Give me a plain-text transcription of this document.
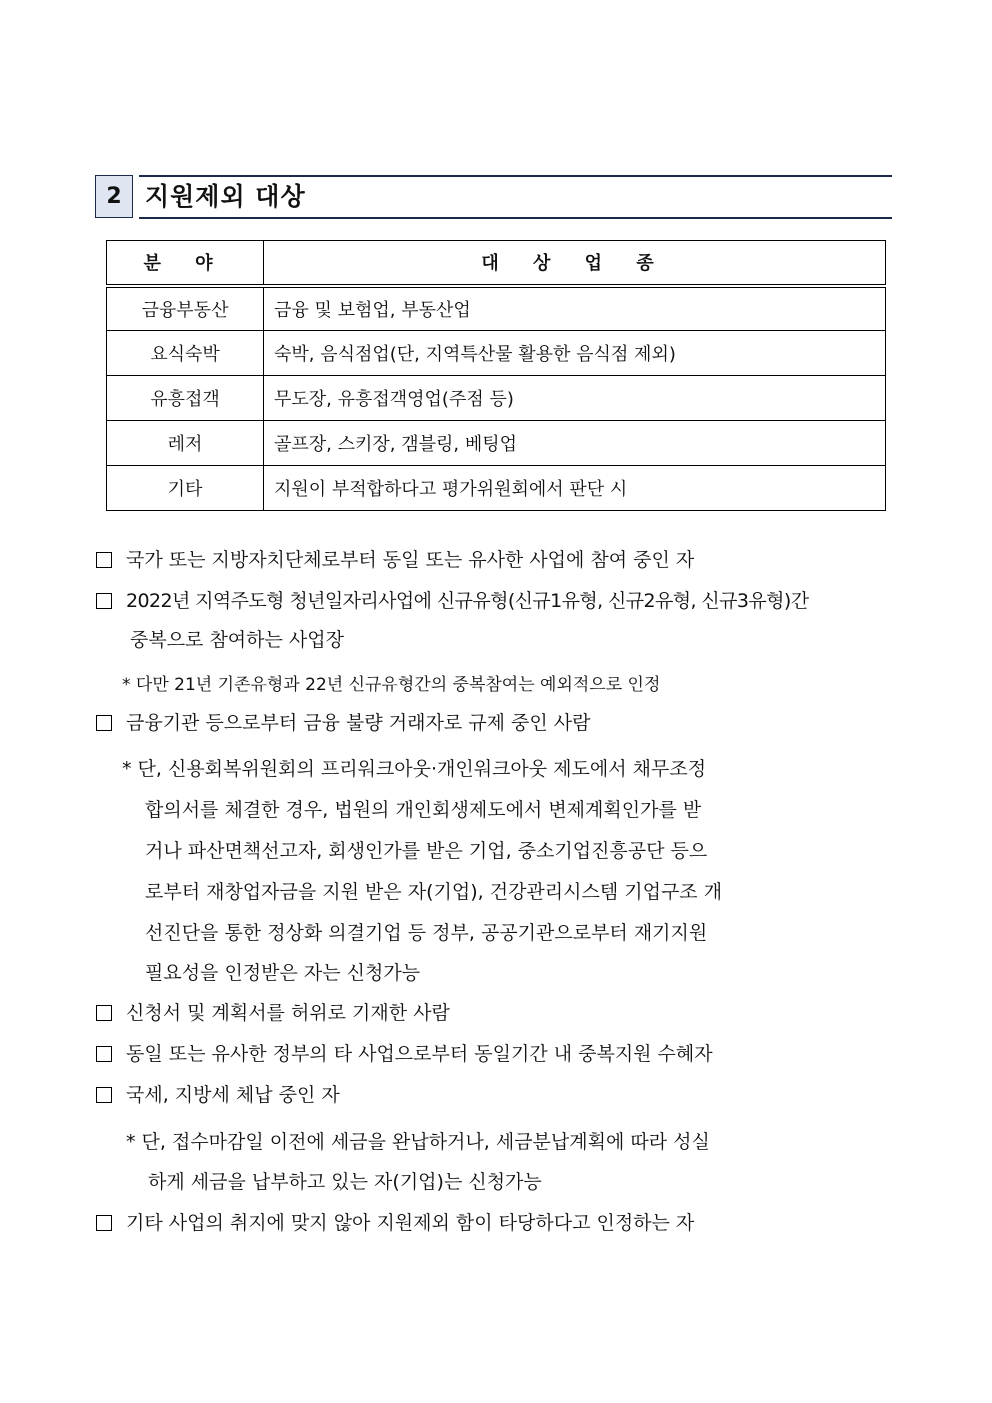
2 지원제외 대상
분 야	대 상 업 종
금융부동산	금융 및 보험업, 부동산업
요식숙박	숙박, 음식점업(단, 지역특산물 활용한 음식점 제외)
유흥접객	무도장, 유흥접객영업(주점 등)
레저	골프장, 스키장, 갬블링, 베팅업
기타	지원이 부적합하다고 평가위원회에서 판단 시
국가 또는 지방자치단체로부터 동일 또는 유사한 사업에 참여 중인 자
2022년 지역주도형 청년일자리사업에 신규유형(신규1유형, 신규2유형, 신규3유형)간
중복으로 참여하는 사업장
* 다만 21년 기존유형과 22년 신규유형간의 중복참여는 예외적으로 인정
금융기관 등으로부터 금융 불량 거래자로 규제 중인 사람
* 단, 신용회복위원회의 프리워크아웃·개인워크아웃 제도에서 채무조정
합의서를 체결한 경우, 법원의 개인회생제도에서 변제계획인가를 받
거나 파산면책선고자, 회생인가를 받은 기업, 중소기업진흥공단 등으
로부터 재창업자금을 지원 받은 자(기업), 건강관리시스템 기업구조 개
선진단을 통한 정상화 의결기업 등 정부, 공공기관으로부터 재기지원
필요성을 인정받은 자는 신청가능
신청서 및 계획서를 허위로 기재한 사람
동일 또는 유사한 정부의 타 사업으로부터 동일기간 내 중복지원 수혜자
국세, 지방세 체납 중인 자
* 단, 접수마감일 이전에 세금을 완납하거나, 세금분납계획에 따라 성실
하게 세금을 납부하고 있는 자(기업)는 신청가능
기타 사업의 취지에 맞지 않아 지원제외 함이 타당하다고 인정하는 자
